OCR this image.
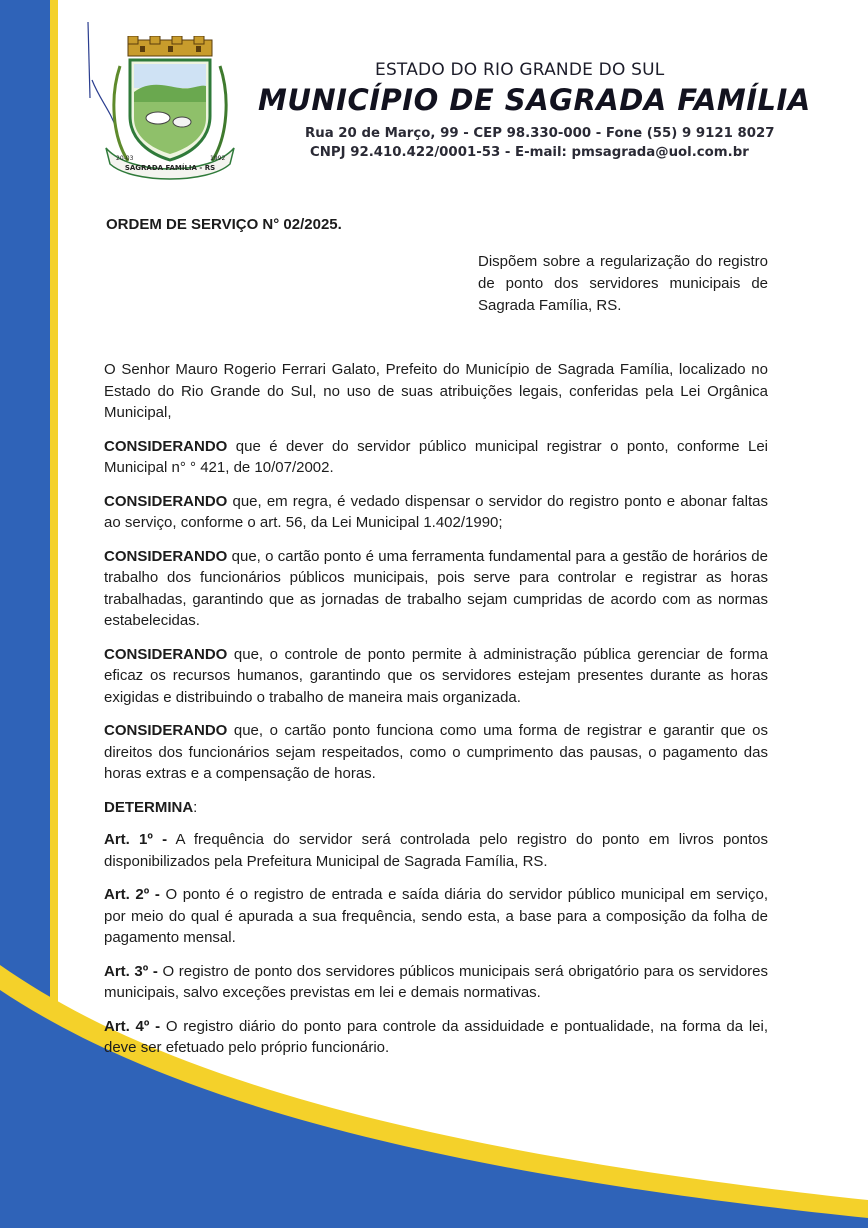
SAGRADA FAMÍLIA - RS
20-03	1992
ESTADO DO RIO GRANDE DO SUL
MUNICÍPIO DE SAGRADA FAMÍLIA
Rua 20 de Março, 99 - CEP 98.330-000 - Fone (55) 9 9121 8027
CNPJ 92.410.422/0001-53 - E-mail: pmsagrada@uol.com.br
ORDEM DE SERVIÇO N° 02/2025.
Dispõem sobre a regularização do registro de ponto dos servidores municipais de Sagrada Família, RS.

O Senhor Mauro Rogerio Ferrari Galato, Prefeito do Município de Sagrada Família, localizado no Estado do Rio Grande do Sul, no uso de suas atribuições legais, conferidas pela Lei Orgânica Municipal,

CONSIDERANDO que é dever do servidor público municipal registrar o ponto, conforme Lei Municipal n° ° 421, de 10/07/2002.

CONSIDERANDO que, em regra, é vedado dispensar o servidor do registro ponto e abonar faltas ao serviço, conforme o art. 56, da Lei Municipal 1.402/1990;

CONSIDERANDO que, o cartão ponto é uma ferramenta fundamental para a gestão de horários de trabalho dos funcionários públicos municipais, pois serve para controlar e registrar as horas trabalhadas, garantindo que as jornadas de trabalho sejam cumpridas de acordo com as normas estabelecidas.

CONSIDERANDO que, o controle de ponto permite à administração pública gerenciar de forma eficaz os recursos humanos, garantindo que os servidores estejam presentes durante as horas exigidas e distribuindo o trabalho de maneira mais organizada.

CONSIDERANDO que, o cartão ponto funciona como uma forma de registrar e garantir que os direitos dos funcionários sejam respeitados, como o cumprimento das pausas, o pagamento das horas extras e a compensação de horas.

DETERMINA:

Art. 1º - A frequência do servidor será controlada pelo registro do ponto em livros pontos disponibilizados pela Prefeitura Municipal de Sagrada Família, RS.

Art. 2º - O ponto é o registro de entrada e saída diária do servidor público municipal em serviço, por meio do qual é apurada a sua frequência, sendo esta, a base para a composição da folha de pagamento mensal.

Art. 3º - O registro de ponto dos servidores públicos municipais será obrigatório para os servidores municipais, salvo exceções previstas em lei e demais normativas.

Art. 4º - O registro diário do ponto para controle da assiduidade e pontualidade, na forma da lei, deve ser efetuado pelo próprio funcionário.
